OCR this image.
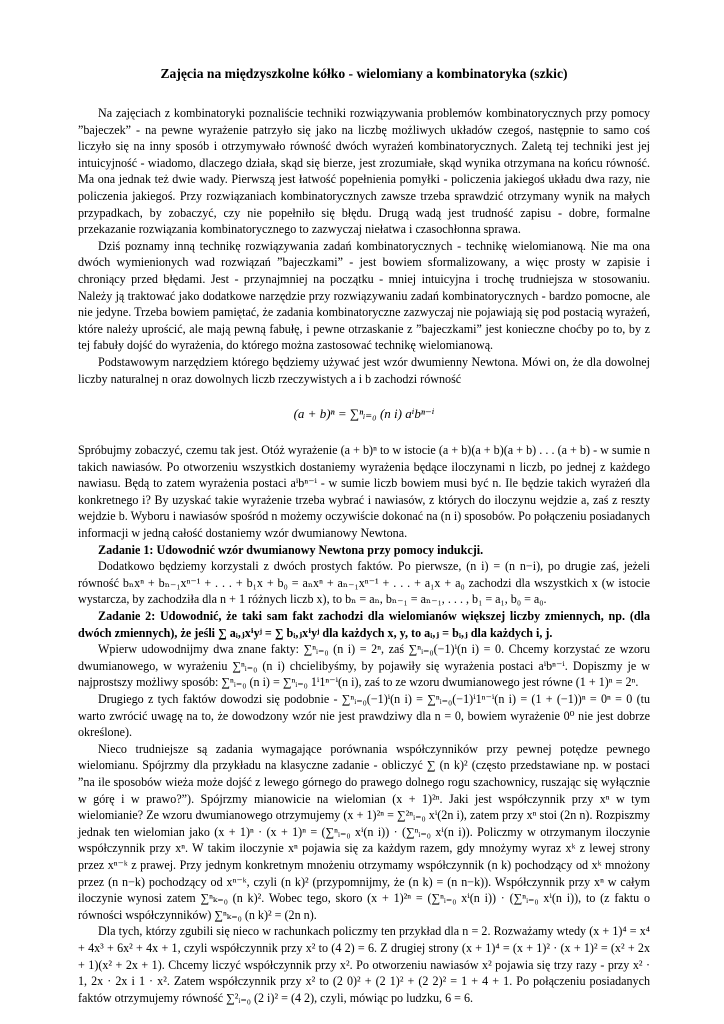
Zajęcia na międzyszkolne kółko - wielomiany a kombinatoryka (szkic)

Na zajęciach z kombinatoryki poznaliście techniki rozwiązywania problemów kombinatorycznych przy pomocy ”bajeczek” - na pewne wyrażenie patrzyło się jako na liczbę możliwych układów czegoś, następnie to samo coś liczyło się na inny sposób i otrzymywało równość dwóch wyrażeń kombinatorycznych. Zaletą tej techniki jest jej intuicyjność - wiadomo, dlaczego działa, skąd się bierze, jest zrozumiałe, skąd wynika otrzymana na końcu równość. Ma ona jednak też dwie wady. Pierwszą jest łatwość popełnienia pomyłki - policzenia jakiegoś układu dwa razy, nie policzenia jakiegoś. Przy rozwiązaniach kombinatorycznych zawsze trzeba sprawdzić otrzymany wynik na małych przypadkach, by zobaczyć, czy nie popełniło się błędu. Drugą wadą jest trudność zapisu - dobre, formalne przekazanie rozwiązania kombinatorycznego to zazwyczaj niełatwa i czasochłonna sprawa.

Dziś poznamy inną technikę rozwiązywania zadań kombinatorycznych - technikę wielomianową. Nie ma ona dwóch wymienionych wad rozwiązań ”bajeczkami” - jest bowiem sformalizowany, a więc prosty w zapisie i chroniący przed błędami. Jest - przynajmniej na początku - mniej intuicyjna i trochę trudniejsza w stosowaniu. Należy ją traktować jako dodatkowe narzędzie przy rozwiązywaniu zadań kombinatorycznych - bardzo pomocne, ale nie jedyne. Trzeba bowiem pamiętać, że zadania kombinatoryczne zazwyczaj nie pojawiają się pod postacią wyrażeń, które należy uprościć, ale mają pewną fabułę, i pewne otrzaskanie z ”bajeczkami” jest konieczne choćby po to, by z tej fabuły dojść do wyrażenia, do którego można zastosować technikę wielomianową.

Podstawowym narzędziem którego będziemy używać jest wzór dwumienny Newtona. Mówi on, że dla dowolnej liczby naturalnej n oraz dowolnych liczb rzeczywistych a i b zachodzi równość

(a + b)ⁿ = ∑ⁿᵢ₌₀ (n i) aⁱbⁿ⁻ⁱ

Spróbujmy zobaczyć, czemu tak jest. Otóż wyrażenie (a + b)ⁿ to w istocie (a + b)(a + b)(a + b) . . . (a + b) - w sumie n takich nawiasów. Po otworzeniu wszystkich dostaniemy wyrażenia będące iloczynami n liczb, po jednej z każdego nawiasu. Będą to zatem wyrażenia postaci aⁱbⁿ⁻ⁱ - w sumie liczb bowiem musi być n. Ile będzie takich wyrażeń dla konkretnego i? By uzyskać takie wyrażenie trzeba wybrać i nawiasów, z których do iloczynu wejdzie a, zaś z reszty wejdzie b. Wyboru i nawiasów spośród n możemy oczywiście dokonać na (n i) sposobów. Po połączeniu posiadanych informacji w jedną całość dostaniemy wzór dwumianowy Newtona.

Zadanie 1: Udowodnić wzór dwumianowy Newtona przy pomocy indukcji.

Dodatkowo będziemy korzystali z dwóch prostych faktów. Po pierwsze, (n i) = (n n−i), po drugie zaś, jeżeli równość bₙxⁿ + bₙ₋₁xⁿ⁻¹ + . . . + b₁x + b₀ = aₙxⁿ + aₙ₋₁xⁿ⁻¹ + . . . + a₁x + a₀ zachodzi dla wszystkich x (w istocie wystarcza, by zachodziła dla n + 1 różnych liczb x), to bₙ = aₙ, bₙ₋₁ = aₙ₋₁, . . . , b₁ = a₁, b₀ = a₀.

Zadanie 2: Udowodnić, że taki sam fakt zachodzi dla wielomianów większej liczby zmiennych, np. (dla dwóch zmiennych), że jeśli ∑ aᵢ,ⱼxⁱyʲ = ∑ bᵢ,ⱼxⁱyʲ dla każdych x, y, to aᵢ,ⱼ = bᵢ,ⱼ dla każdych i, j.

Wpierw udowodnijmy dwa znane fakty: ∑ⁿᵢ₌₀ (n i) = 2ⁿ, zaś ∑ⁿᵢ₌₀(−1)ⁱ(n i) = 0. Chcemy korzystać ze wzoru dwumianowego, w wyrażeniu ∑ⁿᵢ₌₀ (n i) chcielibyśmy, by pojawiły się wyrażenia postaci aⁱbⁿ⁻ⁱ. Dopiszmy je w najprostszy możliwy sposób: ∑ⁿᵢ₌₀ (n i) = ∑ⁿᵢ₌₀ 1ⁱ1ⁿ⁻ⁱ(n i), zaś to ze wzoru dwumianowego jest równe (1 + 1)ⁿ = 2ⁿ.

Drugiego z tych faktów dowodzi się podobnie - ∑ⁿᵢ₌₀(−1)ⁱ(n i) = ∑ⁿᵢ₌₀(−1)ⁱ1ⁿ⁻ⁱ(n i) = (1 + (−1))ⁿ = 0ⁿ = 0 (tu warto zwrócić uwagę na to, że dowodzony wzór nie jest prawdziwy dla n = 0, bowiem wyrażenie 0⁰ nie jest dobrze określone).

Nieco trudniejsze są zadania wymagające porównania współczynników przy pewnej potędze pewnego wielomianu. Spójrzmy dla przykładu na klasyczne zadanie - obliczyć ∑ (n k)² (często przedstawiane np. w postaci ”na ile sposobów wieża może dojść z lewego górnego do prawego dolnego rogu szachownicy, ruszając się wyłącznie w górę i w prawo?”). Spójrzmy mianowicie na wielomian (x + 1)²ⁿ. Jaki jest współczynnik przy xⁿ w tym wielomianie? Ze wzoru dwumianowego otrzymujemy (x + 1)²ⁿ = ∑²ⁿᵢ₌₀ xⁱ(2n i), zatem przy xⁿ stoi (2n n). Rozpiszmy jednak ten wielomian jako (x + 1)ⁿ · (x + 1)ⁿ = (∑ⁿᵢ₌₀ xⁱ(n i)) · (∑ⁿᵢ₌₀ xⁱ(n i)). Policzmy w otrzymanym iloczynie współczynnik przy xⁿ. W takim iloczynie xⁿ pojawia się za każdym razem, gdy mnożymy wyraz xᵏ z lewej strony przez xⁿ⁻ᵏ z prawej. Przy jednym konkretnym mnożeniu otrzymamy współczynnik (n k) pochodzący od xᵏ mnożony przez (n n−k) pochodzący od xⁿ⁻ᵏ, czyli (n k)² (przypomnijmy, że (n k) = (n n−k)). Współczynnik przy xⁿ w całym iloczynie wynosi zatem ∑ⁿₖ₌₀ (n k)². Wobec tego, skoro (x + 1)²ⁿ = (∑ⁿᵢ₌₀ xⁱ(n i)) · (∑ⁿᵢ₌₀ xⁱ(n i)), to (z faktu o równości współczynników) ∑ⁿₖ₌₀ (n k)² = (2n n).

Dla tych, którzy zgubili się nieco w rachunkach policzmy ten przykład dla n = 2. Rozważamy wtedy (x + 1)⁴ = x⁴ + 4x³ + 6x² + 4x + 1, czyli współczynnik przy x² to (4 2) = 6. Z drugiej strony (x + 1)⁴ = (x + 1)² · (x + 1)² = (x² + 2x + 1)(x² + 2x + 1). Chcemy liczyć współczynnik przy x². Po otworzeniu nawiasów x² pojawia się trzy razy - przy x² · 1, 2x · 2x i 1 · x². Zatem współczynnik przy x² to (2 0)² + (2 1)² + (2 2)² = 1 + 4 + 1. Po połączeniu posiadanych faktów otrzymujemy równość ∑²ᵢ₌₀ (2 i)² = (4 2), czyli, mówiąc po ludzku, 6 = 6.
